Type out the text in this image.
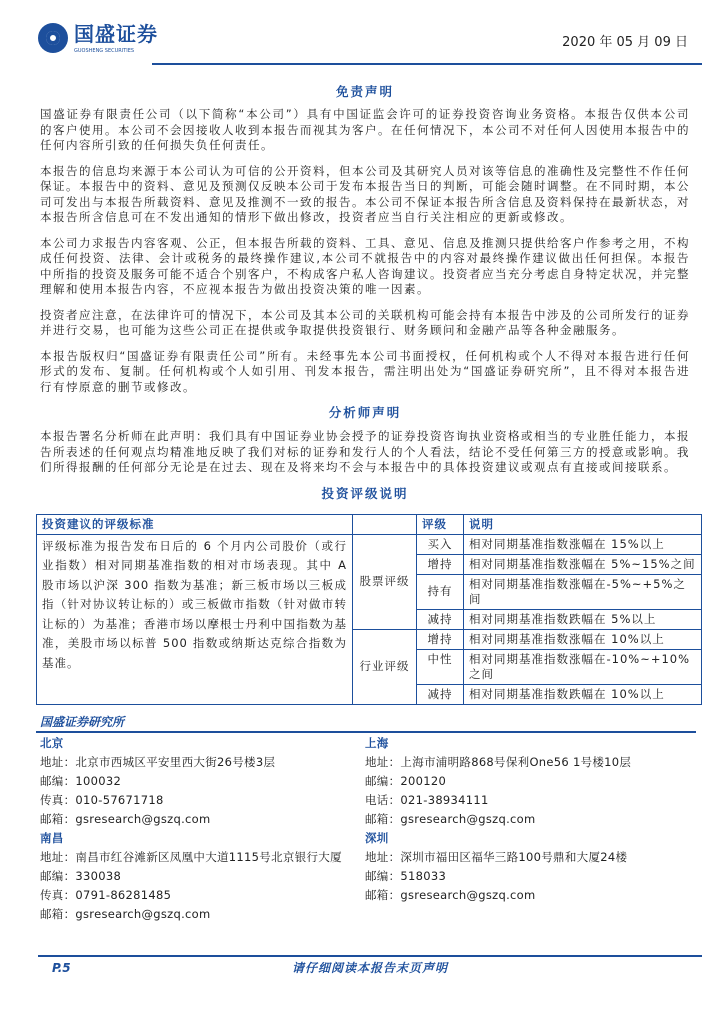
国盛证券
GUOSHENG SECURITIES
2020 年 05 月 09 日
免责声明
国盛证券有限责任公司（以下简称“本公司”）具有中国证监会许可的证券投资咨询业务资格。本报告仅供本公司的客户使用。本公司不会因接收人收到本报告而视其为客户。在任何情况下，本公司不对任何人因使用本报告中的任何内容所引致的任何损失负任何责任。
本报告的信息均来源于本公司认为可信的公开资料，但本公司及其研究人员对该等信息的准确性及完整性不作任何保证。本报告中的资料、意见及预测仅反映本公司于发布本报告当日的判断，可能会随时调整。在不同时期，本公司可发出与本报告所载资料、意见及推测不一致的报告。本公司不保证本报告所含信息及资料保持在最新状态，对本报告所含信息可在不发出通知的情形下做出修改，投资者应当自行关注相应的更新或修改。
本公司力求报告内容客观、公正，但本报告所载的资料、工具、意见、信息及推测只提供给客户作参考之用，不构成任何投资、法律、会计或税务的最终操作建议,本公司不就报告中的内容对最终操作建议做出任何担保。本报告中所指的投资及服务可能不适合个别客户，不构成客户私人咨询建议。投资者应当充分考虑自身特定状况，并完整理解和使用本报告内容，不应视本报告为做出投资决策的唯一因素。
投资者应注意，在法律许可的情况下，本公司及其本公司的关联机构可能会持有本报告中涉及的公司所发行的证券并进行交易，也可能为这些公司正在提供或争取提供投资银行、财务顾问和金融产品等各种金融服务。
本报告版权归“国盛证券有限责任公司”所有。未经事先本公司书面授权，任何机构或个人不得对本报告进行任何形式的发布、复制。任何机构或个人如引用、刊发本报告，需注明出处为“国盛证券研究所”，且不得对本报告进行有悖原意的删节或修改。
分析师声明
本报告署名分析师在此声明：我们具有中国证券业协会授予的证券投资咨询执业资格或相当的专业胜任能力，本报告所表述的任何观点均精准地反映了我们对标的证券和发行人的个人看法，结论不受任何第三方的授意或影响。我们所得报酬的任何部分无论是在过去、现在及将来均不会与本报告中的具体投资建议或观点有直接或间接联系。
投资评级说明
投资建议的评级标准		评级	说明
评级标准为报告发布日后的 6 个月内公司股价（或行业指数）相对同期基准指数的相对市场表现。其中 A 股市场以沪深 300 指数为基准；新三板市场以三板成指（针对协议转让标的）或三板做市指数（针对做市转让标的）为基准；香港市场以摩根士丹利中国指数为基准，美股市场以标普 500 指数或纳斯达克综合指数为基准。	股票评级	买入	相对同期基准指数涨幅在 15%以上
		增持	相对同期基准指数涨幅在 5%~15%之间
		持有	相对同期基准指数涨幅在-5%~+5%之间
		减持	相对同期基准指数跌幅在 5%以上
	行业评级	增持	相对同期基准指数涨幅在 10%以上
		中性	相对同期基准指数涨幅在-10%~+10%之间
		减持	相对同期基准指数跌幅在 10%以上
国盛证券研究所
北京
地址：北京市西城区平安里西大街26号楼3层
邮编：100032
传真：010-57671718
邮箱：gsresearch@gszq.com
上海
地址：上海市浦明路868号保利One56 1号楼10层
邮编：200120
电话：021-38934111
邮箱：gsresearch@gszq.com
南昌
地址：南昌市红谷滩新区凤凰中大道1115号北京银行大厦
邮编：330038
传真：0791-86281485
邮箱：gsresearch@gszq.com
深圳
地址：深圳市福田区福华三路100号鼎和大厦24楼
邮编：518033
邮箱：gsresearch@gszq.com
P.5	请仔细阅读本报告末页声明
